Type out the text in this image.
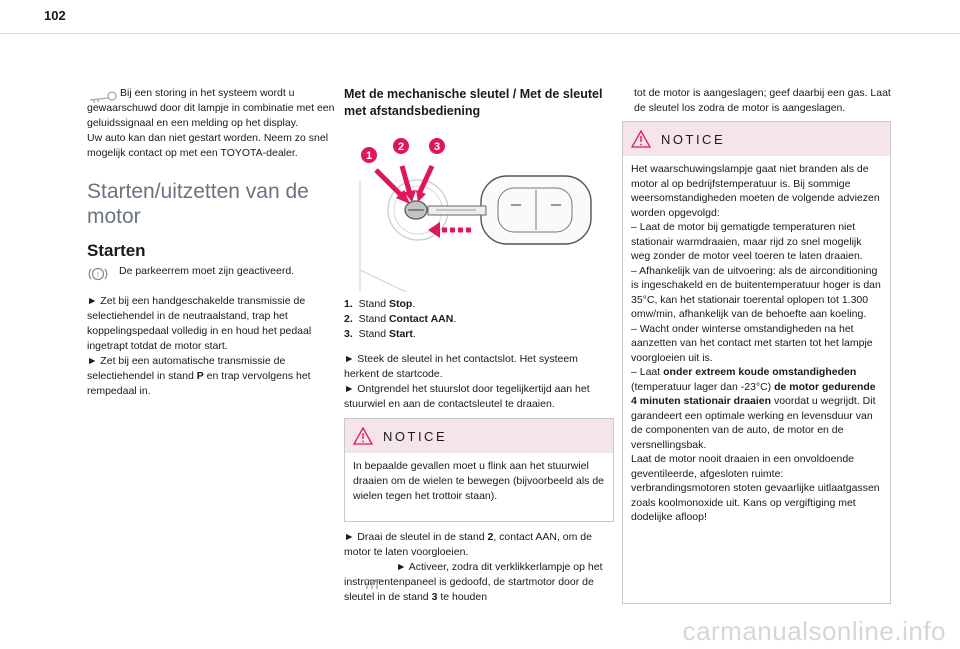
102

Bij een storing in het systeem wordt u gewaarschuwd door dit lampje in combinatie met een geluidssignaal en een melding op het display.

Uw auto kan dan niet gestart worden. Neem zo snel mogelijk contact op met een TOYOTA-dealer.

Starten/uitzetten van de motor
Starten
! De parkeerrem moet zijn geactiveerd.

► Zet bij een handgeschakelde transmissie de selectiehendel in de neutraalstand, trap het koppelingspedaal volledig in en houd het pedaal ingetrapt totdat de motor start.

► Zet bij een automatische transmissie de selectiehendel in stand P en trap vervolgens het rempedaal in.

Met de mechanische sleutel / Met de sleutel met afstandsbediening
1
2	3

1. Stand Stop.

2. Stand Contact AAN.

3. Stand Start.

► Steek de sleutel in het contactslot. Het systeem herkent de startcode.

► Ontgrendel het stuurslot door tegelijkertijd aan het stuurwiel en aan de contactsleutel te draaien.

NOTICE

In bepaalde gevallen moet u flink aan het stuurwiel draaien om de wielen te bewegen (bijvoorbeeld als de wielen tegen het trottoir staan).

► Draai de sleutel in de stand 2, contact AAN, om de motor te laten voorgloeien.

► Activeer, zodra dit verklikkerlampje op het instrumentenpaneel is gedoofd, de startmotor door de sleutel in de stand 3 te houden

tot de motor is aangeslagen; geef daarbij een gas. Laat de sleutel los zodra de motor is aangeslagen.

NOTICE

Het waarschuwingslampje gaat niet branden als de motor al op bedrijfstemperatuur is. Bij sommige weersomstandigheden moeten de volgende adviezen worden opgevolgd:

– Laat de motor bij gematigde temperaturen niet stationair warmdraaien, maar rijd zo snel mogelijk weg zonder de motor veel toeren te laten draaien.

– Afhankelijk van de uitvoering: als de airconditioning is ingeschakeld en de buitentemperatuur hoger is dan 35°C, kan het stationair toerental oplopen tot 1.300 omw/min, afhankelijk van de behoefte aan koeling.

– Wacht onder winterse omstandigheden na het aanzetten van het contact met starten tot het lampje voorgloeien uit is.

– Laat onder extreem koude omstandigheden (temperatuur lager dan -23°C) de motor gedurende 4 minuten stationair draaien voordat u wegrijdt. Dit garandeert een optimale werking en levensduur van de componenten van de auto, de motor en de versnellingsbak.

Laat de motor nooit draaien in een onvoldoende geventileerde, afgesloten ruimte: verbrandingsmotoren stoten gevaarlijke uitlaatgassen zoals koolmonoxide uit. Kans op vergiftiging met dodelijke afloop!

carmanualsonline.info
